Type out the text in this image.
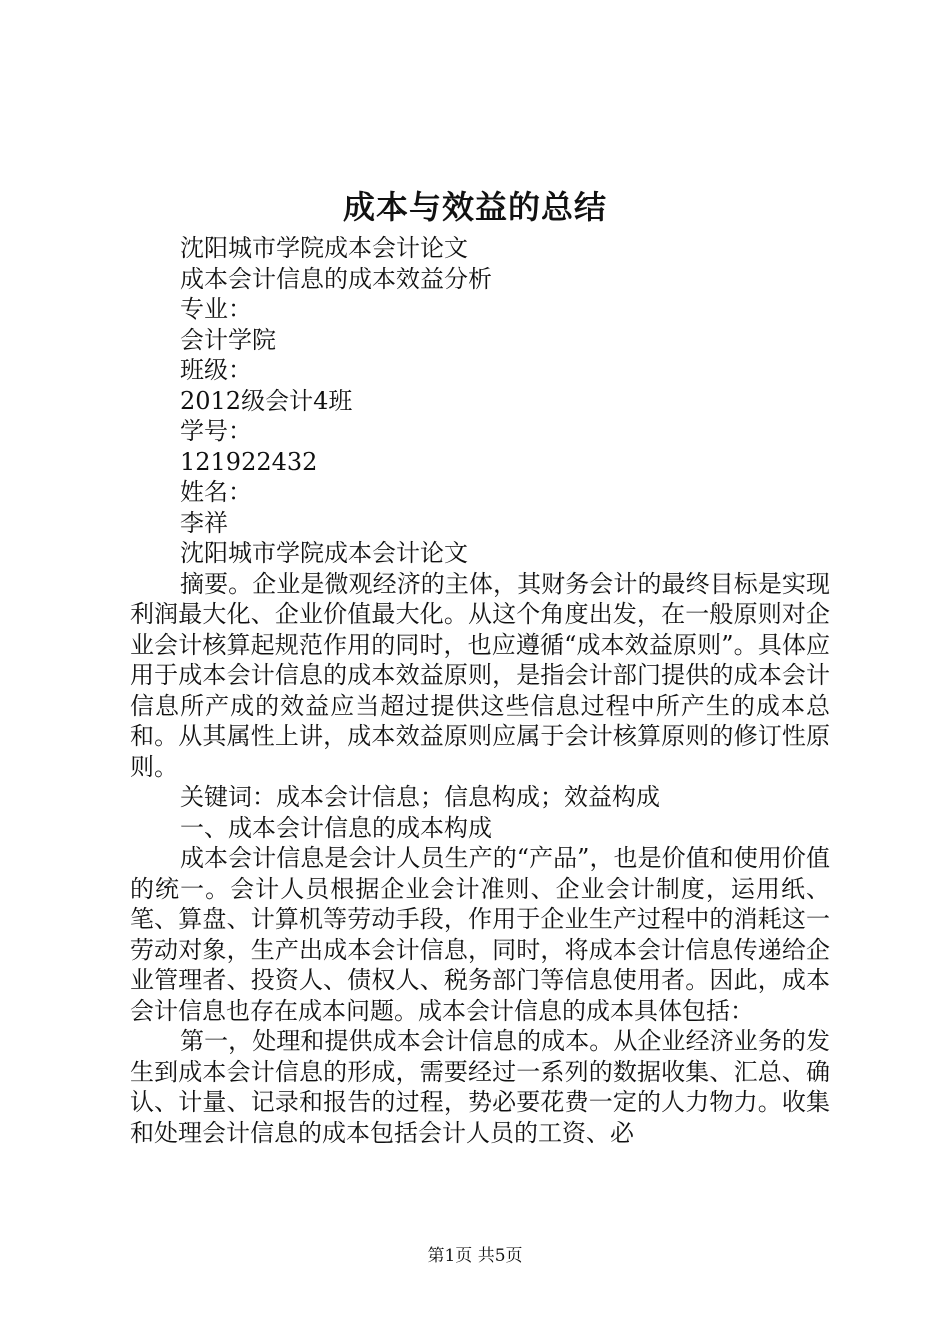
成本与效益的总结

沈阳城市学院成本会计论文

成本会计信息的成本效益分析

专业：

会计学院

班级：

2012级会计4班

学号：

121922432

姓名：

李祥

沈阳城市学院成本会计论文

摘要。企业是微观经济的主体，其财务会计的最终目标是实现利润最大化、企业价值最大化。从这个角度出发，在一般原则对企业会计核算起规范作用的同时，也应遵循“成本效益原则”。具体应用于成本会计信息的成本效益原则，是指会计部门提供的成本会计信息所产成的效益应当超过提供这些信息过程中所产生的成本总和。从其属性上讲，成本效益原则应属于会计核算原则的修订性原则。

关键词：成本会计信息；信息构成；效益构成

一、成本会计信息的成本构成

成本会计信息是会计人员生产的“产品”，也是价值和使用价值的统一。会计人员根据企业会计准则、企业会计制度，运用纸、笔、算盘、计算机等劳动手段，作用于企业生产过程中的消耗这一劳动对象，生产出成本会计信息，同时，将成本会计信息传递给企业管理者、投资人、债权人、税务部门等信息使用者。因此，成本会计信息也存在成本问题。成本会计信息的成本具体包括：

第一，处理和提供成本会计信息的成本。从企业经济业务的发生到成本会计信息的形成，需要经过一系列的数据收集、汇总、确认、计量、记录和报告的过程，势必要花费一定的人力物力。收集和处理会计信息的成本包括会计人员的工资、必

第1页 共5页
